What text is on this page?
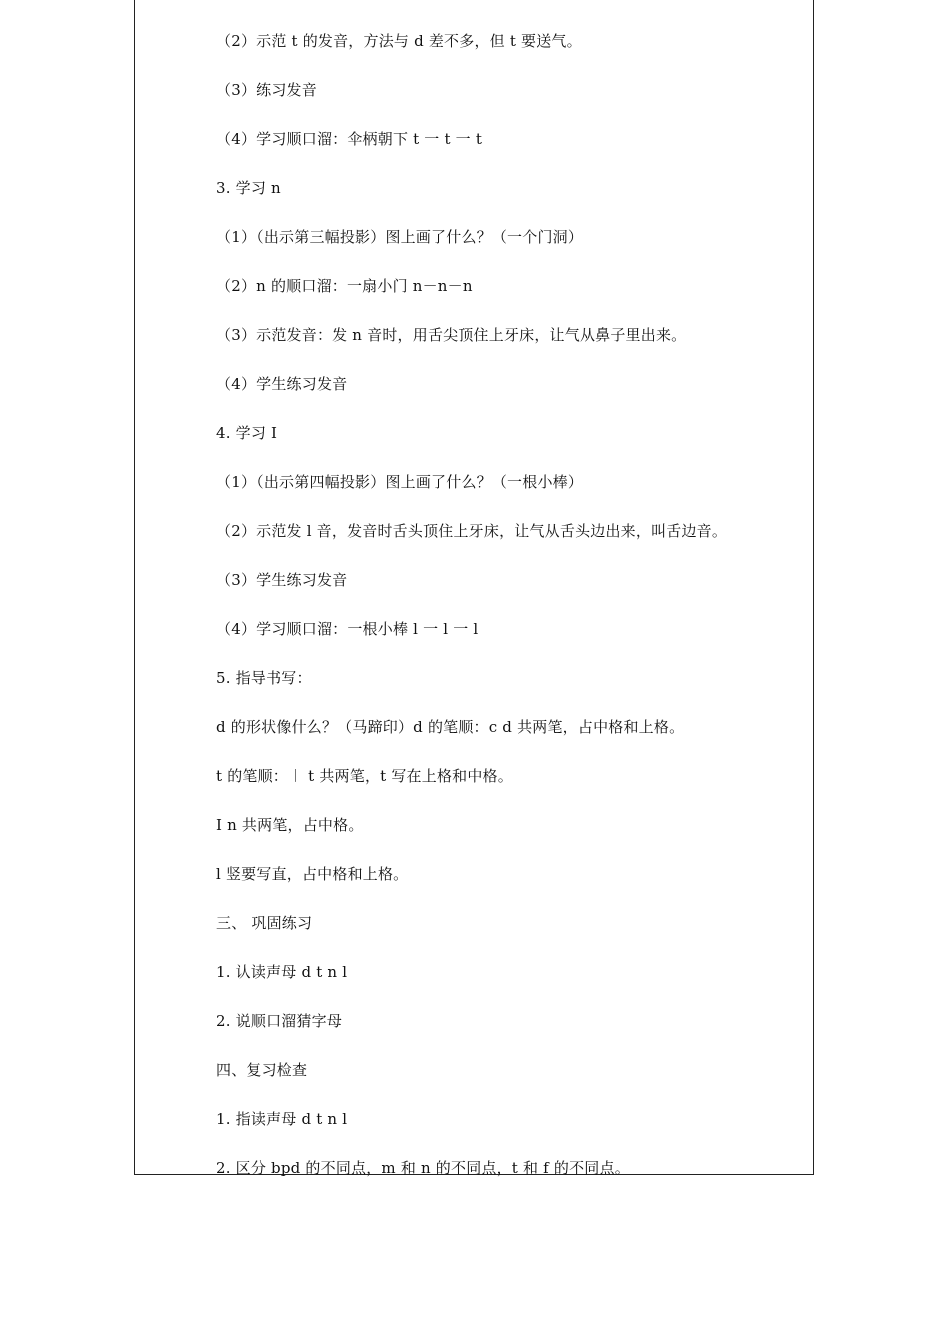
（2）示范 t 的发音，方法与 d 差不多，但 t 要送气。
（3）练习发音
（4）学习顺口溜：伞柄朝下 t 一 t 一 t
3. 学习 n
（1）（出示第三幅投影）图上画了什么？（一个门洞）
（2）n 的顺口溜：一扇小门 n－n－n
（3）示范发音：发 n 音时，用舌尖顶住上牙床，让气从鼻子里出来。
（4）学生练习发音
4. 学习 I
（1）（出示第四幅投影）图上画了什么？（一根小棒）
（2）示范发 l 音，发音时舌头顶住上牙床，让气从舌头边出来，叫舌边音。
（3）学生练习发音
（4）学习顺口溜：一根小棒 l 一 l 一 l
5. 指导书写：
d 的形状像什么？（马蹄印）d 的笔顺：c d 共两笔，占中格和上格。
t 的笔顺：︱ t 共两笔，t 写在上格和中格。
I n 共两笔，占中格。
l 竖要写直，占中格和上格。
三、 巩固练习
1. 认读声母 d t n l
2. 说顺口溜猜字母
四、复习检查
1. 指读声母 d t n l
2. 区分 bpd 的不同点，m 和 n 的不同点，t 和 f 的不同点。
